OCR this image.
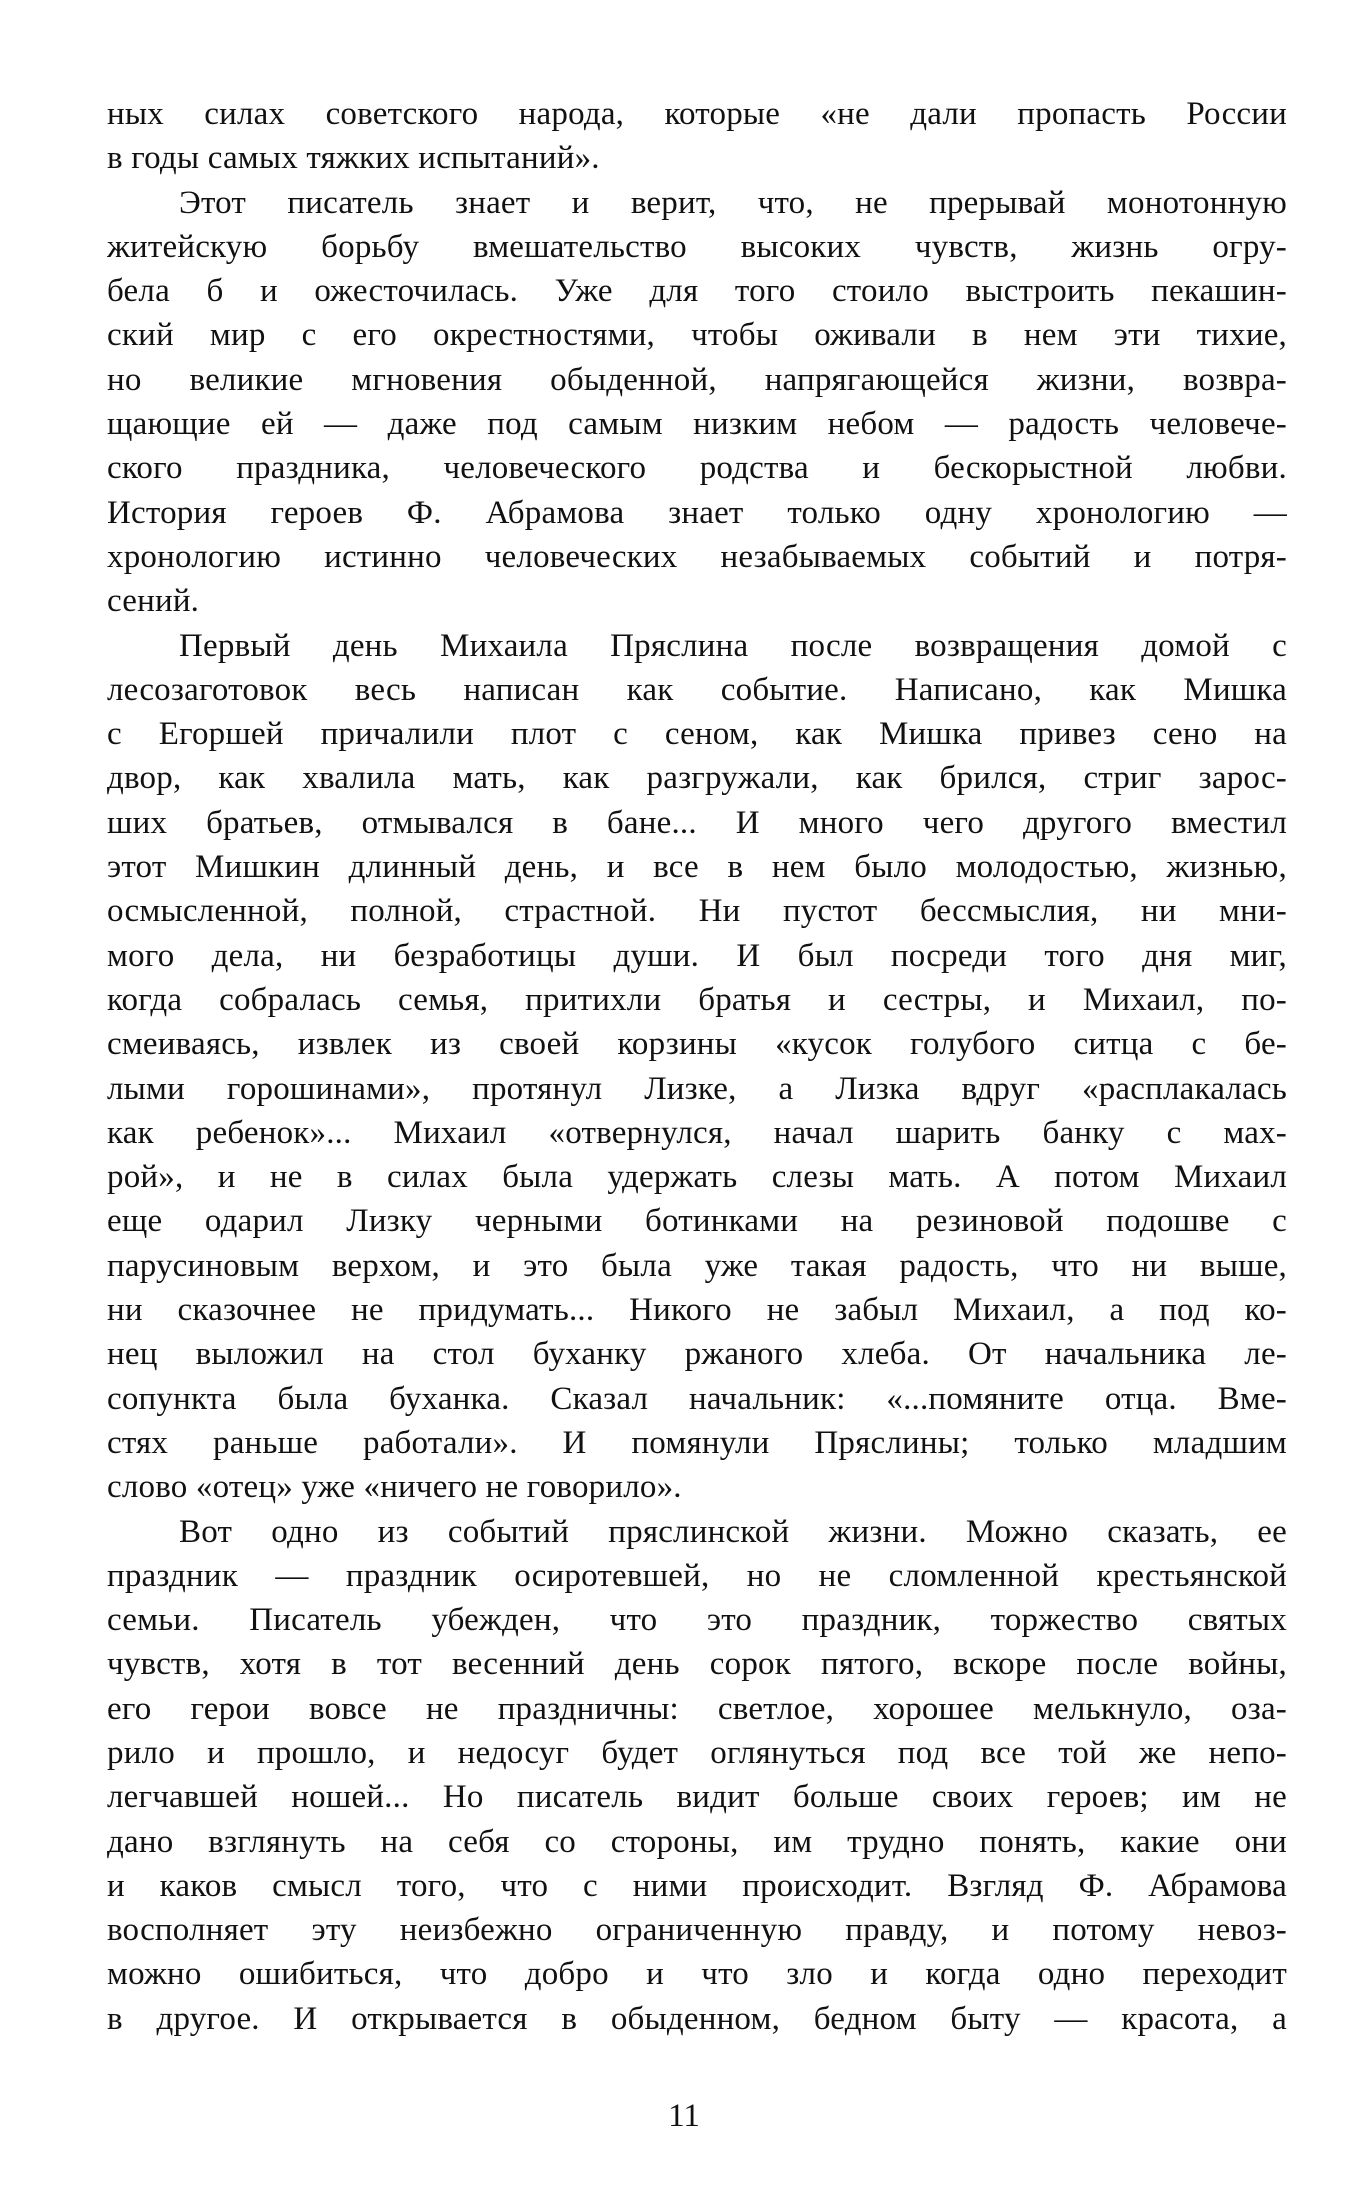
ных силах советского народа, которые «не дали пропасть России
в годы самых тяжких испытаний».
Этот писатель знает и верит, что, не прерывай монотонную
житейскую борьбу вмешательство высоких чувств, жизнь огру-
бела б и ожесточилась. Уже для того стоило выстроить пекашин-
ский мир с его окрестностями, чтобы оживали в нем эти тихие,
но великие мгновения обыденной, напрягающейся жизни, возвра-
щающие ей — даже под самым низким небом — радость человече-
ского праздника, человеческого родства и бескорыстной любви.
История героев Ф. Абрамова знает только одну хронологию —
хронологию истинно человеческих незабываемых событий и потря-
сений.
Первый день Михаила Пряслина после возвращения домой с
лесозаготовок весь написан как событие. Написано, как Мишка
с Егоршей причалили плот с сеном, как Мишка привез сено на
двор, как хвалила мать, как разгружали, как брился, стриг зарос-
ших братьев, отмывался в бане... И много чего другого вместил
этот Мишкин длинный день, и все в нем было молодостью, жизнью,
осмысленной, полной, страстной. Ни пустот бессмыслия, ни мни-
мого дела, ни безработицы души. И был посреди того дня миг,
когда собралась семья, притихли братья и сестры, и Михаил, по-
смеиваясь, извлек из своей корзины «кусок голубого ситца с бе-
лыми горошинами», протянул Лизке, а Лизка вдруг «расплакалась
как ребенок»... Михаил «отвернулся, начал шарить банку с мах-
рой», и не в силах была удержать слезы мать. А потом Михаил
еще одарил Лизку черными ботинками на резиновой подошве с
парусиновым верхом, и это была уже такая радость, что ни выше,
ни сказочнее не придумать... Никого не забыл Михаил, а под ко-
нец выложил на стол буханку ржаного хлеба. От начальника ле-
сопункта была буханка. Сказал начальник: «...помяните отца. Вме-
стях раньше работали». И помянули Пряслины; только младшим
слово «отец» уже «ничего не говорило».
Вот одно из событий пряслинской жизни. Можно сказать, ее
праздник — праздник осиротевшей, но не сломленной крестьянской
семьи. Писатель убежден, что это праздник, торжество святых
чувств, хотя в тот весенний день сорок пятого, вскоре после войны,
его герои вовсе не праздничны: светлое, хорошее мелькнуло, оза-
рило и прошло, и недосуг будет оглянуться под все той же непо-
легчавшей ношей... Но писатель видит больше своих героев; им не
дано взглянуть на себя со стороны, им трудно понять, какие они
и каков смысл того, что с ними происходит. Взгляд Ф. Абрамова
восполняет эту неизбежно ограниченную правду, и потому невоз-
можно ошибиться, что добро и что зло и когда одно переходит
в другое. И открывается в обыденном, бедном быту — красота, а
11
